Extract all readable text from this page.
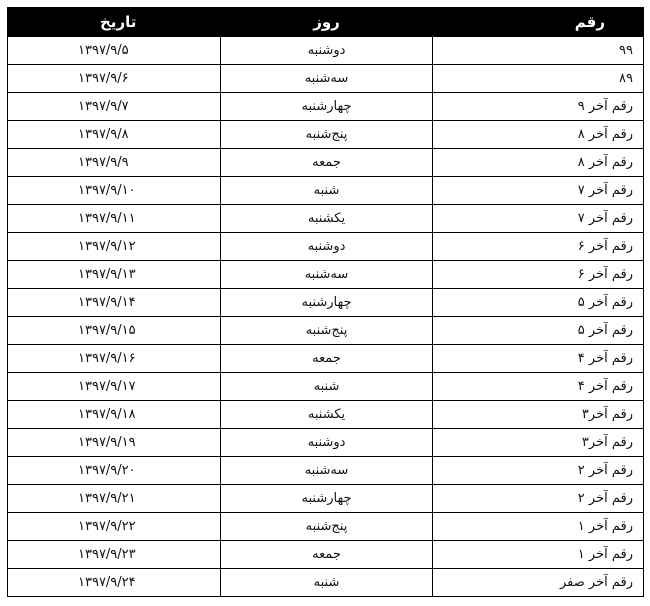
رقم	روز	تاریخ
۹۹	دوشنبه	۱۳۹۷/۹/۵
۸۹	سه‌شنبه	۱۳۹۷/۹/۶
رقم آخر ۹	چهارشنبه	۱۳۹۷/۹/۷
رقم آخر ۸	پنج‌شنبه	۱۳۹۷/۹/۸
رقم آخر ۸	جمعه	۱۳۹۷/۹/۹
رقم آخر ۷	شنبه	۱۳۹۷/۹/۱۰
رقم آخر ۷	یکشنبه	۱۳۹۷/۹/۱۱
رقم آخر ۶	دوشنبه	۱۳۹۷/۹/۱۲
رقم آخر ۶	سه‌شنبه	۱۳۹۷/۹/۱۳
رقم آخر ۵	چهارشنبه	۱۳۹۷/۹/۱۴
رقم آخر ۵	پنج‌شنبه	۱۳۹۷/۹/۱۵
رقم آخر ۴	جمعه	۱۳۹۷/۹/۱۶
رقم آخر ۴	شنبه	۱۳۹۷/۹/۱۷
رقم آخر۳	یکشنبه	۱۳۹۷/۹/۱۸
رقم آخر۳	دوشنبه	۱۳۹۷/۹/۱۹
رقم آخر ۲	سه‌شنبه	۱۳۹۷/۹/۲۰
رقم آخر ۲	چهارشنبه	۱۳۹۷/۹/۲۱
رقم آخر ۱	پنج‌شنبه	۱۳۹۷/۹/۲۲
رقم آخر ۱	جمعه	۱۳۹۷/۹/۲۳
رقم آخر صفر	شنبه	۱۳۹۷/۹/۲۴
